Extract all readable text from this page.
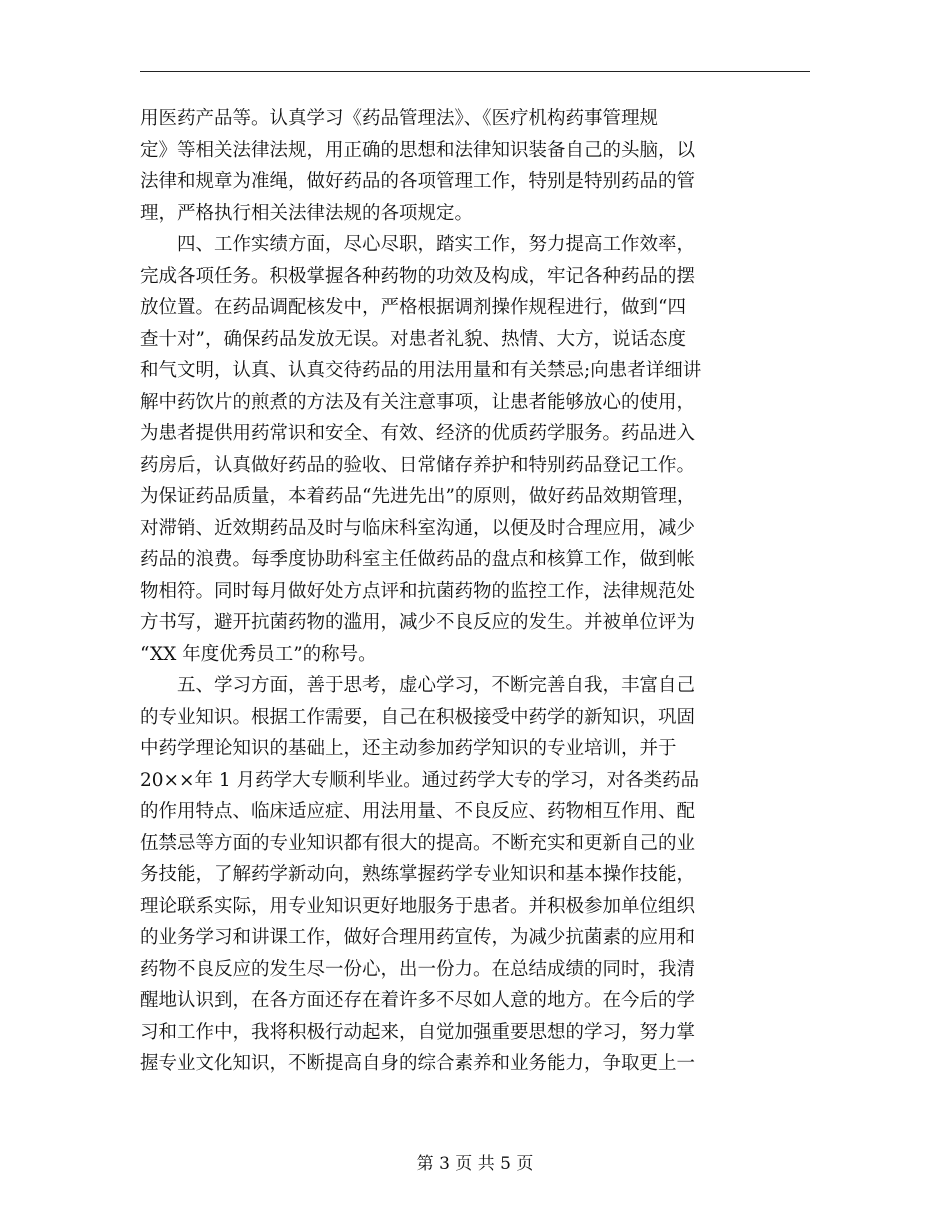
用医药产品等。认真学习《药品管理法》、《医疗机构药事管理规
定》等相关法律法规，用正确的思想和法律知识装备自己的头脑，以
法律和规章为准绳，做好药品的各项管理工作，特别是特别药品的管
理，严格执行相关法律法规的各项规定。
　　四、工作实绩方面，尽心尽职，踏实工作，努力提高工作效率，
完成各项任务。积极掌握各种药物的功效及构成，牢记各种药品的摆
放位置。在药品调配核发中，严格根据调剂操作规程进行，做到“四
查十对”，确保药品发放无误。对患者礼貌、热情、大方，说话态度
和气文明，认真、认真交待药品的用法用量和有关禁忌;向患者详细讲
解中药饮片的煎煮的方法及有关注意事项，让患者能够放心的使用，
为患者提供用药常识和安全、有效、经济的优质药学服务。药品进入
药房后，认真做好药品的验收、日常储存养护和特别药品登记工作。
为保证药品质量，本着药品“先进先出”的原则，做好药品效期管理，
对滞销、近效期药品及时与临床科室沟通，以便及时合理应用，减少
药品的浪费。每季度协助科室主任做药品的盘点和核算工作，做到帐
物相符。同时每月做好处方点评和抗菌药物的监控工作，法律规范处
方书写，避开抗菌药物的滥用，减少不良反应的发生。并被单位评为
“XX 年度优秀员工”的称号。
　　五、学习方面，善于思考，虚心学习，不断完善自我，丰富自己
的专业知识。根据工作需要，自己在积极接受中药学的新知识，巩固
中药学理论知识的基础上，还主动参加药学知识的专业培训，并于
20××年 1 月药学大专顺利毕业。通过药学大专的学习，对各类药品
的作用特点、临床适应症、用法用量、不良反应、药物相互作用、配
伍禁忌等方面的专业知识都有很大的提高。不断充实和更新自己的业
务技能，了解药学新动向，熟练掌握药学专业知识和基本操作技能，
理论联系实际，用专业知识更好地服务于患者。并积极参加单位组织
的业务学习和讲课工作，做好合理用药宣传，为减少抗菌素的应用和
药物不良反应的发生尽一份心，出一份力。在总结成绩的同时，我清
醒地认识到，在各方面还存在着许多不尽如人意的地方。在今后的学
习和工作中，我将积极行动起来，自觉加强重要思想的学习，努力掌
握专业文化知识，不断提高自身的综合素养和业务能力，争取更上一
第 3 页 共 5 页
